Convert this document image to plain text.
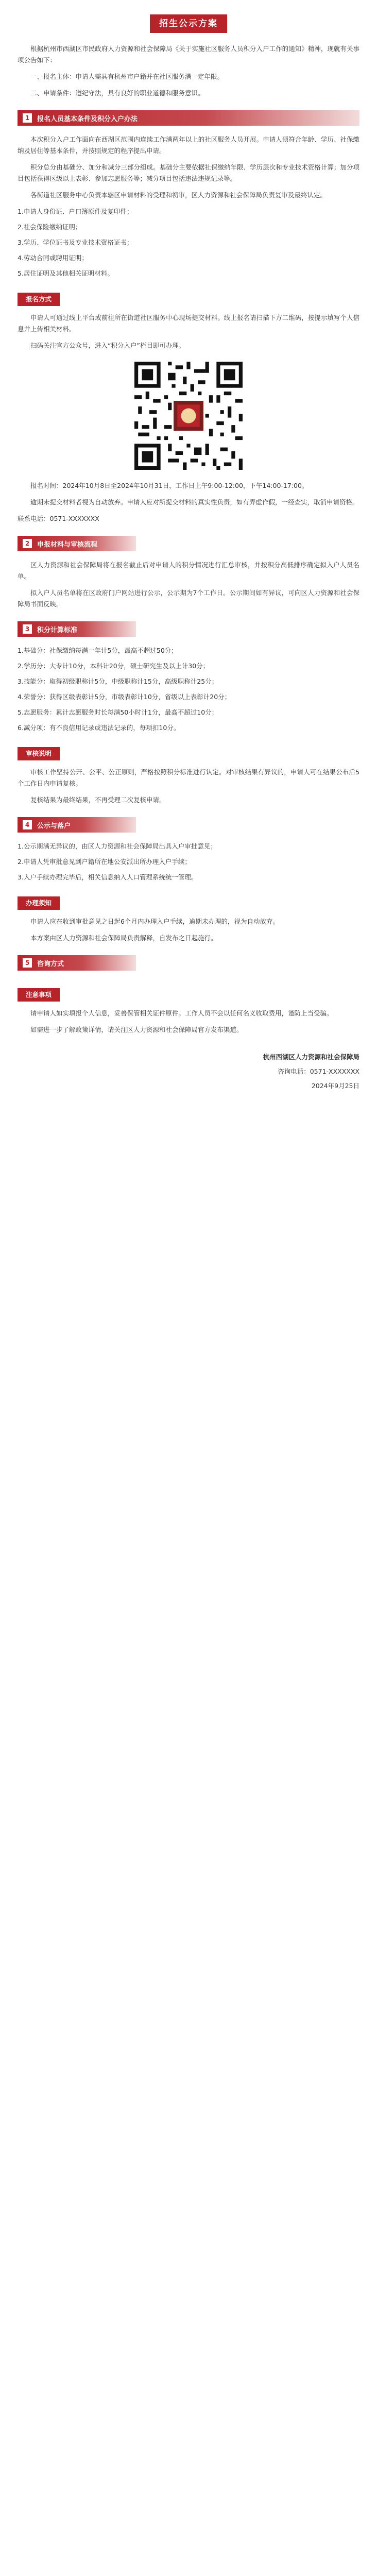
招生公示方案

根据杭州市西湖区市民政府人力资源和社会保障局《关于实施社区服务人员积分入户工作的通知》精神，现就有关事项公告如下：

一、报名主体：申请人需具有杭州市户籍并在社区服务满一定年限。

二、申请条件：遵纪守法，具有良好的职业道德和服务意识。

1	报名人员基本条件及积分入户办法

本次积分入户工作面向在西湖区范围内连续工作满两年以上的社区服务人员开展。申请人须符合年龄、学历、社保缴纳及居住等基本条件，并按照规定的程序提出申请。

积分总分由基础分、加分和减分三部分组成。基础分主要依据社保缴纳年限、学历层次和专业技术资格计算；加分项目包括获得区级以上表彰、参加志愿服务等；减分项目包括违法违规记录等。

各街道社区服务中心负责本辖区申请材料的受理和初审，区人力资源和社会保障局负责复审及最终认定。

1.申请人身份证、户口簿原件及复印件；

2.社会保险缴纳证明；

3.学历、学位证书及专业技术资格证书；

4.劳动合同或聘用证明；

5.居住证明及其他相关证明材料。

报名方式

申请人可通过线上平台或前往所在街道社区服务中心现场提交材料。线上报名请扫描下方二维码，按提示填写个人信息并上传相关材料。

扫码关注官方公众号，进入“积分入户”栏目即可办理。

报名时间：2024年10月8日至2024年10月31日，工作日上午9:00-12:00，下午14:00-17:00。

逾期未提交材料者视为自动放弃。申请人应对所提交材料的真实性负责，如有弄虚作假，一经查实，取消申请资格。

联系电话：0571-XXXXXXX

2	申报材料与审核流程

区人力资源和社会保障局将在报名截止后对申请人的积分情况进行汇总审核，并按积分高低排序确定拟入户人员名单。

拟入户人员名单将在区政府门户网站进行公示，公示期为7个工作日。公示期间如有异议，可向区人力资源和社会保障局书面反映。

3	积分计算标准

1.基础分：社保缴纳每满一年计5分，最高不超过50分；

2.学历分：大专计10分，本科计20分，硕士研究生及以上计30分；

3.技能分：取得初级职称计5分，中级职称计15分，高级职称计25分；

4.荣誉分：获得区级表彰计5分，市级表彰计10分，省级以上表彰计20分；

5.志愿服务：累计志愿服务时长每满50小时计1分，最高不超过10分；

6.减分项：有不良信用记录或违法记录的，每项扣10分。

审核说明

审核工作坚持公开、公平、公正原则，严格按照积分标准进行认定。对审核结果有异议的，申请人可在结果公布后5个工作日内申请复核。

复核结果为最终结果，不再受理二次复核申请。

4	公示与落户

1.公示期满无异议的，由区人力资源和社会保障局出具入户审批意见；

2.申请人凭审批意见到户籍所在地公安派出所办理入户手续；

3.入户手续办理完毕后，相关信息纳入人口管理系统统一管理。

办理须知

申请人应在收到审批意见之日起6个月内办理入户手续，逾期未办理的，视为自动放弃。

本方案由区人力资源和社会保障局负责解释，自发布之日起施行。

5	咨询方式
注意事项

请申请人如实填报个人信息，妥善保管相关证件原件。工作人员不会以任何名义收取费用，谨防上当受骗。

如需进一步了解政策详情，请关注区人力资源和社会保障局官方发布渠道。

杭州西湖区人力资源和社会保障局
咨询电话：0571-XXXXXXX
2024年9月25日
